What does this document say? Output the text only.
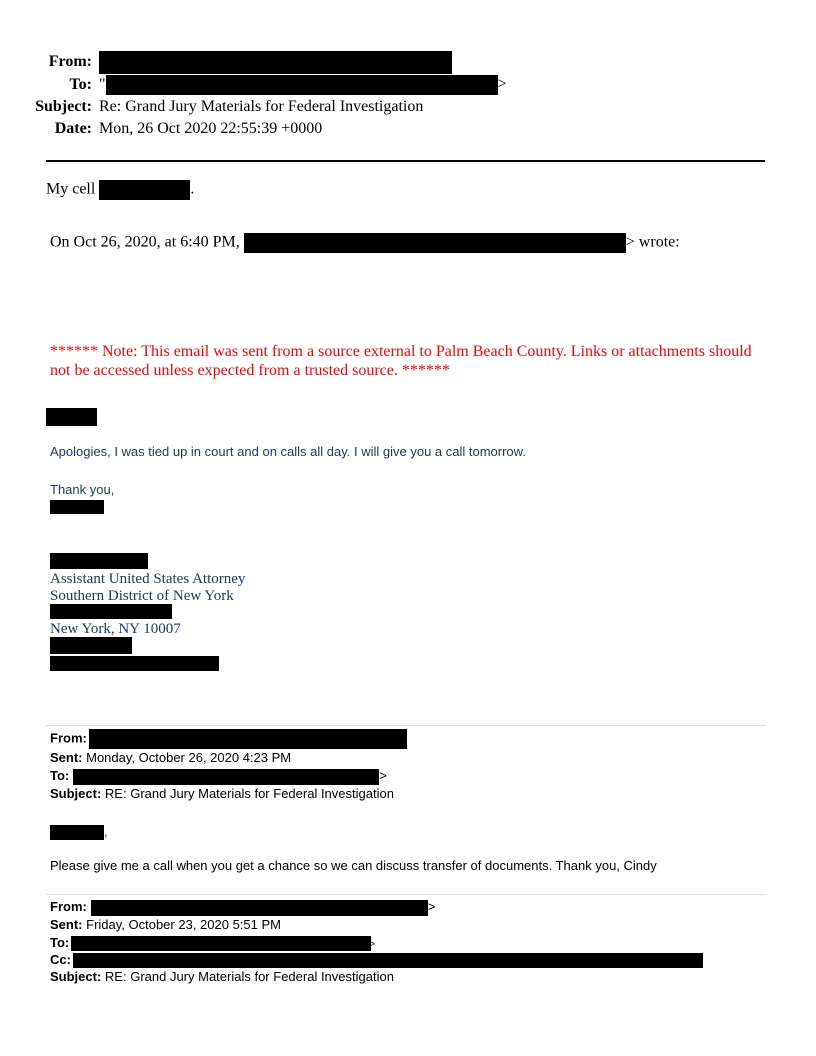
From:
To: "	>
Subject: Re: Grand Jury Materials for Federal Investigation
Date: Mon, 26 Oct 2020 22:55:39 +0000
My cell	.
On Oct 26, 2020, at 6:40 PM,	> wrote:
****** Note: This email was sent from a source external to Palm Beach County. Links or attachments should not be accessed unless expected from a trusted source. ******
Apologies, I was tied up in court and on calls all day. I will give you a call tomorrow.
Thank you,
Assistant United States Attorney
Southern District of New York
New York, NY 10007
From:
Sent: Monday, October 26, 2020 4:23 PM
To:	>
Subject: RE: Grand Jury Materials for Federal Investigation
,
Please give me a call when you get a chance so we can discuss transfer of documents. Thank you, Cindy
From:	>
Sent: Friday, October 23, 2020 5:51 PM
To:	>
Cc:
Subject: RE: Grand Jury Materials for Federal Investigation
